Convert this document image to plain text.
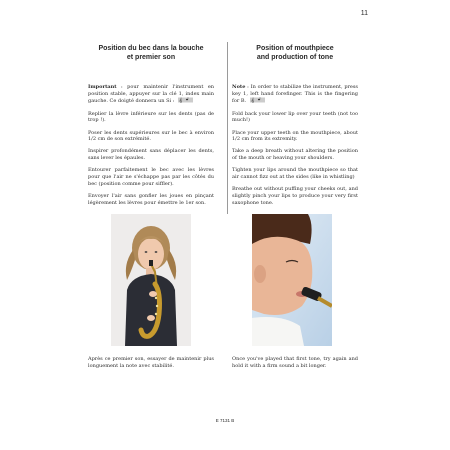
11
Position du bec dans la bouche
et premier son

Important : pour maintenir l'instrument en position stable, appuyer sur la clé 1, index main gauche. Ce doigté donnera un Si : 𝄞

Replier la lèvre inférieure sur les dents (pas de trop !).

Poser les dents supérieures sur le bec à environ 1/2 cm de son extrémité.

Inspirer profondément sans déplacer les dents, sans lever les épaules.

Entourer parfaitement le bec avec les lèvres pour que l'air ne s'échappe pas par les côtés du bec (position comme pour siffler).

Envoyer l'air sans gonfler les joues en pinçant légèrement les lèvres pour émettre le 1er son.

Position of mouthpiece
and production of tone

Note : In order to stabilize the instrument, press key 1, left hand forefinger. This is the fingering for B. 𝄞

Fold back your lower lip over your teeth (not too much!)

Place your upper teeth on the mouthpiece, about 1/2 cm from its extremity.

Take a deep breath without altering the position of the mouth or heaving your shoulders.

Tighten your lips around the mouthpiece so that air cannot fizz out at the sides (like in whistling)

Breathe out without puffing your cheeks out, and slightly pinch your lips to produce your very first saxophone tone.

Après ce premier son, essayer de maintenir plus longuement la note avec stabilité.
Once you've played that first tone, try again and hold it with a firm sound a bit longer.
E 7131 B
